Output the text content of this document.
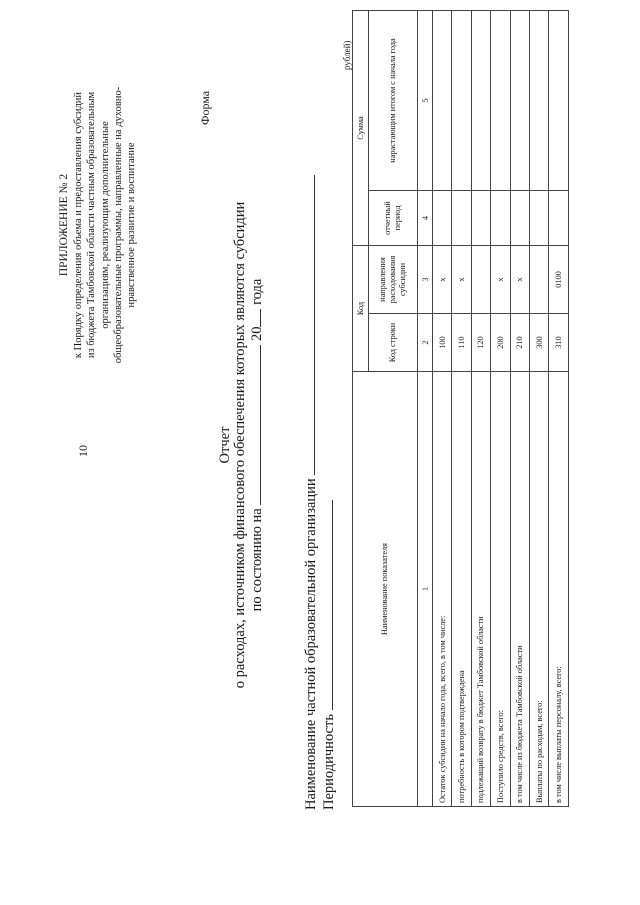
10
ПРИЛОЖЕНИЕ № 2 к Порядку определения объема и предоставления субсидий из бюджета Тамбовской области частным образовательным организациям, реализующим дополнительные общеобразовательные программы, направленные на духовно- нравственное развитие и воспитание
Форма
Отчет о расходах, источником финансового обеспечения которых являются субсидии по состоянию на  20 года
Наименование частной образовательной организации Периодичность
рублей)
Наименование показателя	Код		Сумма	
	Код строки	направления расходования субсидии	отчетный период	нарастающим итогом с начала года
1	2	3	4	5
Остаток субсидии на начало года, всего, в том числе:	100	x		
потребность в котором подтверждена	110	x		
подлежащий возврату в бюджет Тамбовской области	120			
Поступило средств, всего:	200	x		
в том числе из бюджета Тамбовской области	210	x		
Выплаты по расходам, всего:	300			
в том числе выплаты персоналу, всего:	310	0100		
